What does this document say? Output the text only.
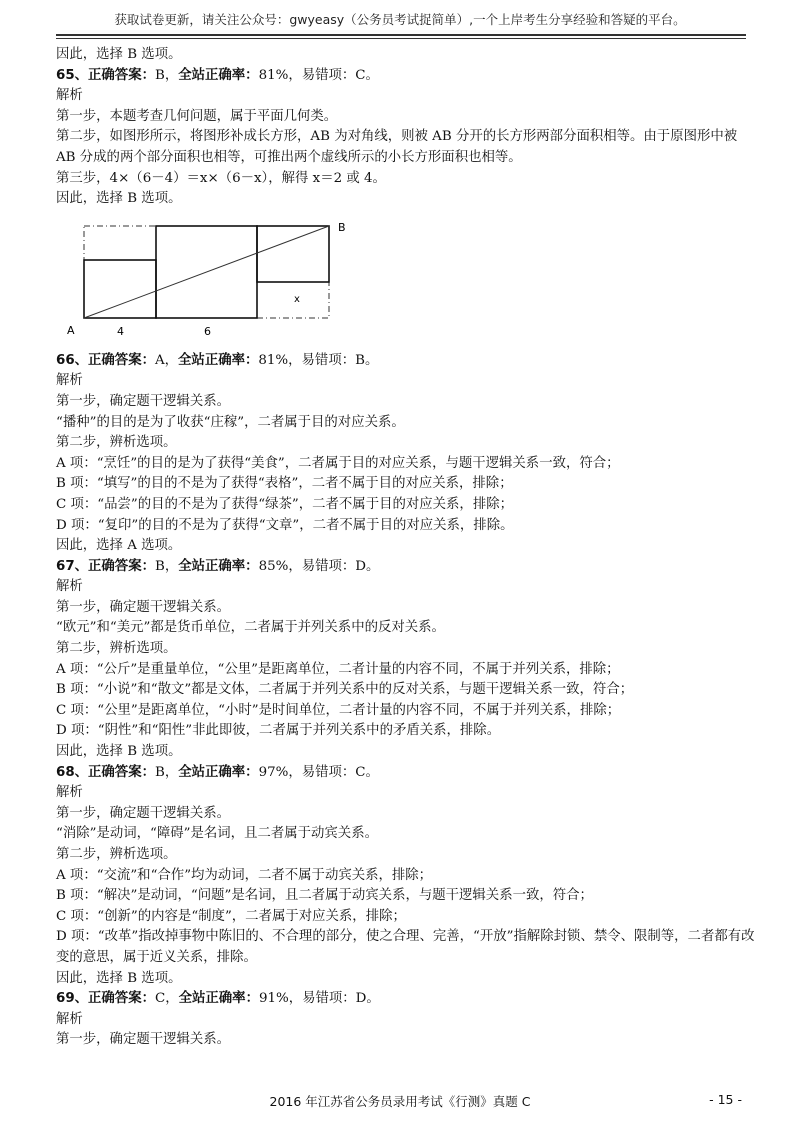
获取试卷更新，请关注公众号：gwyeasy（公务员考试捉简单）,一个上岸考生分享经验和答疑的平台。
因此，选择 B 选项。
65、正确答案：B，全站正确率：81%，易错项：C。
解析
第一步，本题考查几何问题，属于平面几何类。
第二步，如图形所示，将图形补成长方形，AB 为对角线，则被 AB 分开的长方形两部分面积相等。由于原图形中被 AB 分成的两个部分面积也相等，可推出两个虚线所示的小长方形面积也相等。
第三步，4×（6－4）＝x×（6－x），解得 x＝2 或 4。
因此，选择 B 选项。
A
B
4	6
x
66、正确答案：A，全站正确率：81%，易错项：B。
解析
第一步，确定题干逻辑关系。
“播种”的目的是为了收获“庄稼”，二者属于目的对应关系。
第二步，辨析选项。
A 项：“烹饪”的目的是为了获得“美食”，二者属于目的对应关系，与题干逻辑关系一致，符合；
B 项：“填写”的目的不是为了获得“表格”，二者不属于目的对应关系，排除；
C 项：“品尝”的目的不是为了获得“绿茶”，二者不属于目的对应关系，排除；
D 项：“复印”的目的不是为了获得“文章”，二者不属于目的对应关系，排除。
因此，选择 A 选项。
67、正确答案：B，全站正确率：85%，易错项：D。
解析
第一步，确定题干逻辑关系。
“欧元”和“美元”都是货币单位，二者属于并列关系中的反对关系。
第二步，辨析选项。
A 项：“公斤”是重量单位，“公里”是距离单位，二者计量的内容不同，不属于并列关系，排除；
B 项：“小说”和“散文”都是文体，二者属于并列关系中的反对关系，与题干逻辑关系一致，符合；
C 项：“公里”是距离单位，“小时”是时间单位，二者计量的内容不同，不属于并列关系，排除；
D 项：“阴性”和“阳性”非此即彼，二者属于并列关系中的矛盾关系，排除。
因此，选择 B 选项。
68、正确答案：B，全站正确率：97%，易错项：C。
解析
第一步，确定题干逻辑关系。
“消除”是动词，“障碍”是名词，且二者属于动宾关系。
第二步，辨析选项。
A 项：“交流”和“合作”均为动词，二者不属于动宾关系，排除；
B 项：“解决”是动词，“问题”是名词，且二者属于动宾关系，与题干逻辑关系一致，符合；
C 项：“创新”的内容是“制度”，二者属于对应关系，排除；
D 项：“改革”指改掉事物中陈旧的、不合理的部分，使之合理、完善，“开放”指解除封锁、禁令、限制等，二者都有改变的意思，属于近义关系，排除。
因此，选择 B 选项。
69、正确答案：C，全站正确率：91%，易错项：D。
解析
第一步，确定题干逻辑关系。
2016 年江苏省公务员录用考试《行测》真题 C	- 15 -
